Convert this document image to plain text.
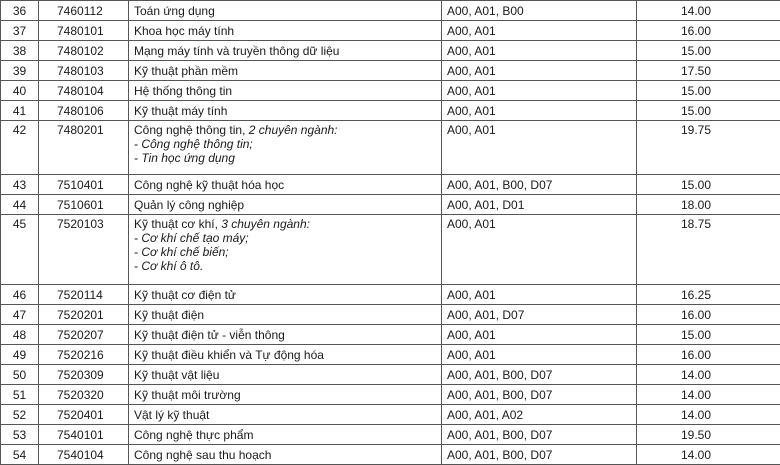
36	7460112	Toán ứng dụng	A00, A01, B00	14.00
37	7480101	Khoa học máy tính	A00, A01	16.00
38	7480102	Mạng máy tính và truyền thông dữ liệu	A00, A01	15.00
39	7480103	Kỹ thuật phần mềm	A00, A01	17.50
40	7480104	Hệ thống thông tin	A00, A01	15.00
41	7480106	Kỹ thuật máy tính	A00, A01	15.00
42	7480201	Công nghệ thông tin, 2 chuyên ngành:
- Công nghệ thông tin;
- Tin học ứng dụng	A00, A01	19.75
43	7510401	Công nghệ kỹ thuật hóa học	A00, A01, B00, D07	15.00
44	7510601	Quản lý công nghiệp	A00, A01, D01	18.00
45	7520103	Kỹ thuật cơ khí, 3 chuyên ngành:
- Cơ khí chế tạo máy;
- Cơ khí chế biến;
- Cơ khí ô tô.	A00, A01	18.75
46	7520114	Kỹ thuật cơ điện tử	A00, A01	16.25
47	7520201	Kỹ thuật điện	A00, A01, D07	16.00
48	7520207	Kỹ thuật điện tử - viễn thông	A00, A01	15.00
49	7520216	Kỹ thuật điều khiển và Tự động hóa	A00, A01	16.00
50	7520309	Kỹ thuật vật liệu	A00, A01, B00, D07	14.00
51	7520320	Kỹ thuật môi trường	A00, A01, B00, D07	14.00
52	7520401	Vật lý kỹ thuật	A00, A01, A02	14.00
53	7540101	Công nghệ thực phẩm	A00, A01, B00, D07	19.50
54	7540104	Công nghệ sau thu hoạch	A00, A01, B00, D07	14.00
